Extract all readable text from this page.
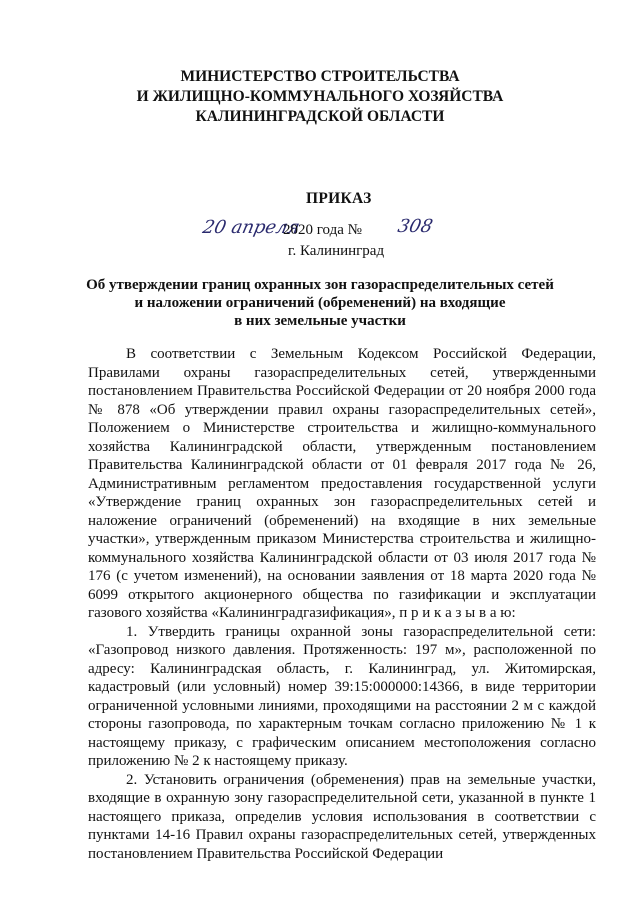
МИНИСТЕРСТВО СТРОИТЕЛЬСТВА
И ЖИЛИЩНО-КОММУНАЛЬНОГО ХОЗЯЙСТВА
КАЛИНИНГРАДСКОЙ ОБЛАСТИ
ПРИКАЗ
20 апреля
2020 года № 308
г. Калининград
Об утверждении границ охранных зон газораспределительных сетей
и наложении ограничений (обременений) на входящие
в них земельные участки

В соответствии с Земельным Кодексом Российской Федерации, Правилами охраны газораспределительных сетей, утвержденными постановлением Правительства Российской Федерации от 20 ноября 2000 года № 878 «Об утверждении правил охраны газораспределительных сетей», Положением о Министерстве строительства и жилищно-коммунального хозяйства Калининградской области, утвержденным постановлением Правительства Калининградской области от 01 февраля 2017 года № 26, Административным регламентом предоставления государственной услуги «Утверждение границ охранных зон газораспределительных сетей и наложение ограничений (обременений) на входящие в них земельные участки», утвержденным приказом Министерства строительства и жилищно-коммунального хозяйства Калининградской области от 03 июля 2017 года № 176 (с учетом изменений), на основании заявления от 18 марта 2020 года № 6099 открытого акционерного общества по газификации и эксплуатации газового хозяйства «Калининградгазификация», п р и к а з ы в а ю:

1. Утвердить границы охранной зоны газораспределительной сети: «Газопровод низкого давления. Протяженность: 197 м», расположенной по адресу: Калининградская область, г. Калининград, ул. Житомирская, кадастровый (или условный) номер 39:15:000000:14366, в виде территории ограниченной условными линиями, проходящими на расстоянии 2 м с каждой стороны газопровода, по характерным точкам согласно приложению № 1 к настоящему приказу, с графическим описанием местоположения согласно приложению № 2 к настоящему приказу.

2. Установить ограничения (обременения) прав на земельные участки, входящие в охранную зону газораспределительной сети, указанной в пункте 1 настоящего приказа, определив условия использования в соответствии с пунктами 14-16 Правил охраны газораспределительных сетей, утвержденных постановлением Правительства Российской Федерации
